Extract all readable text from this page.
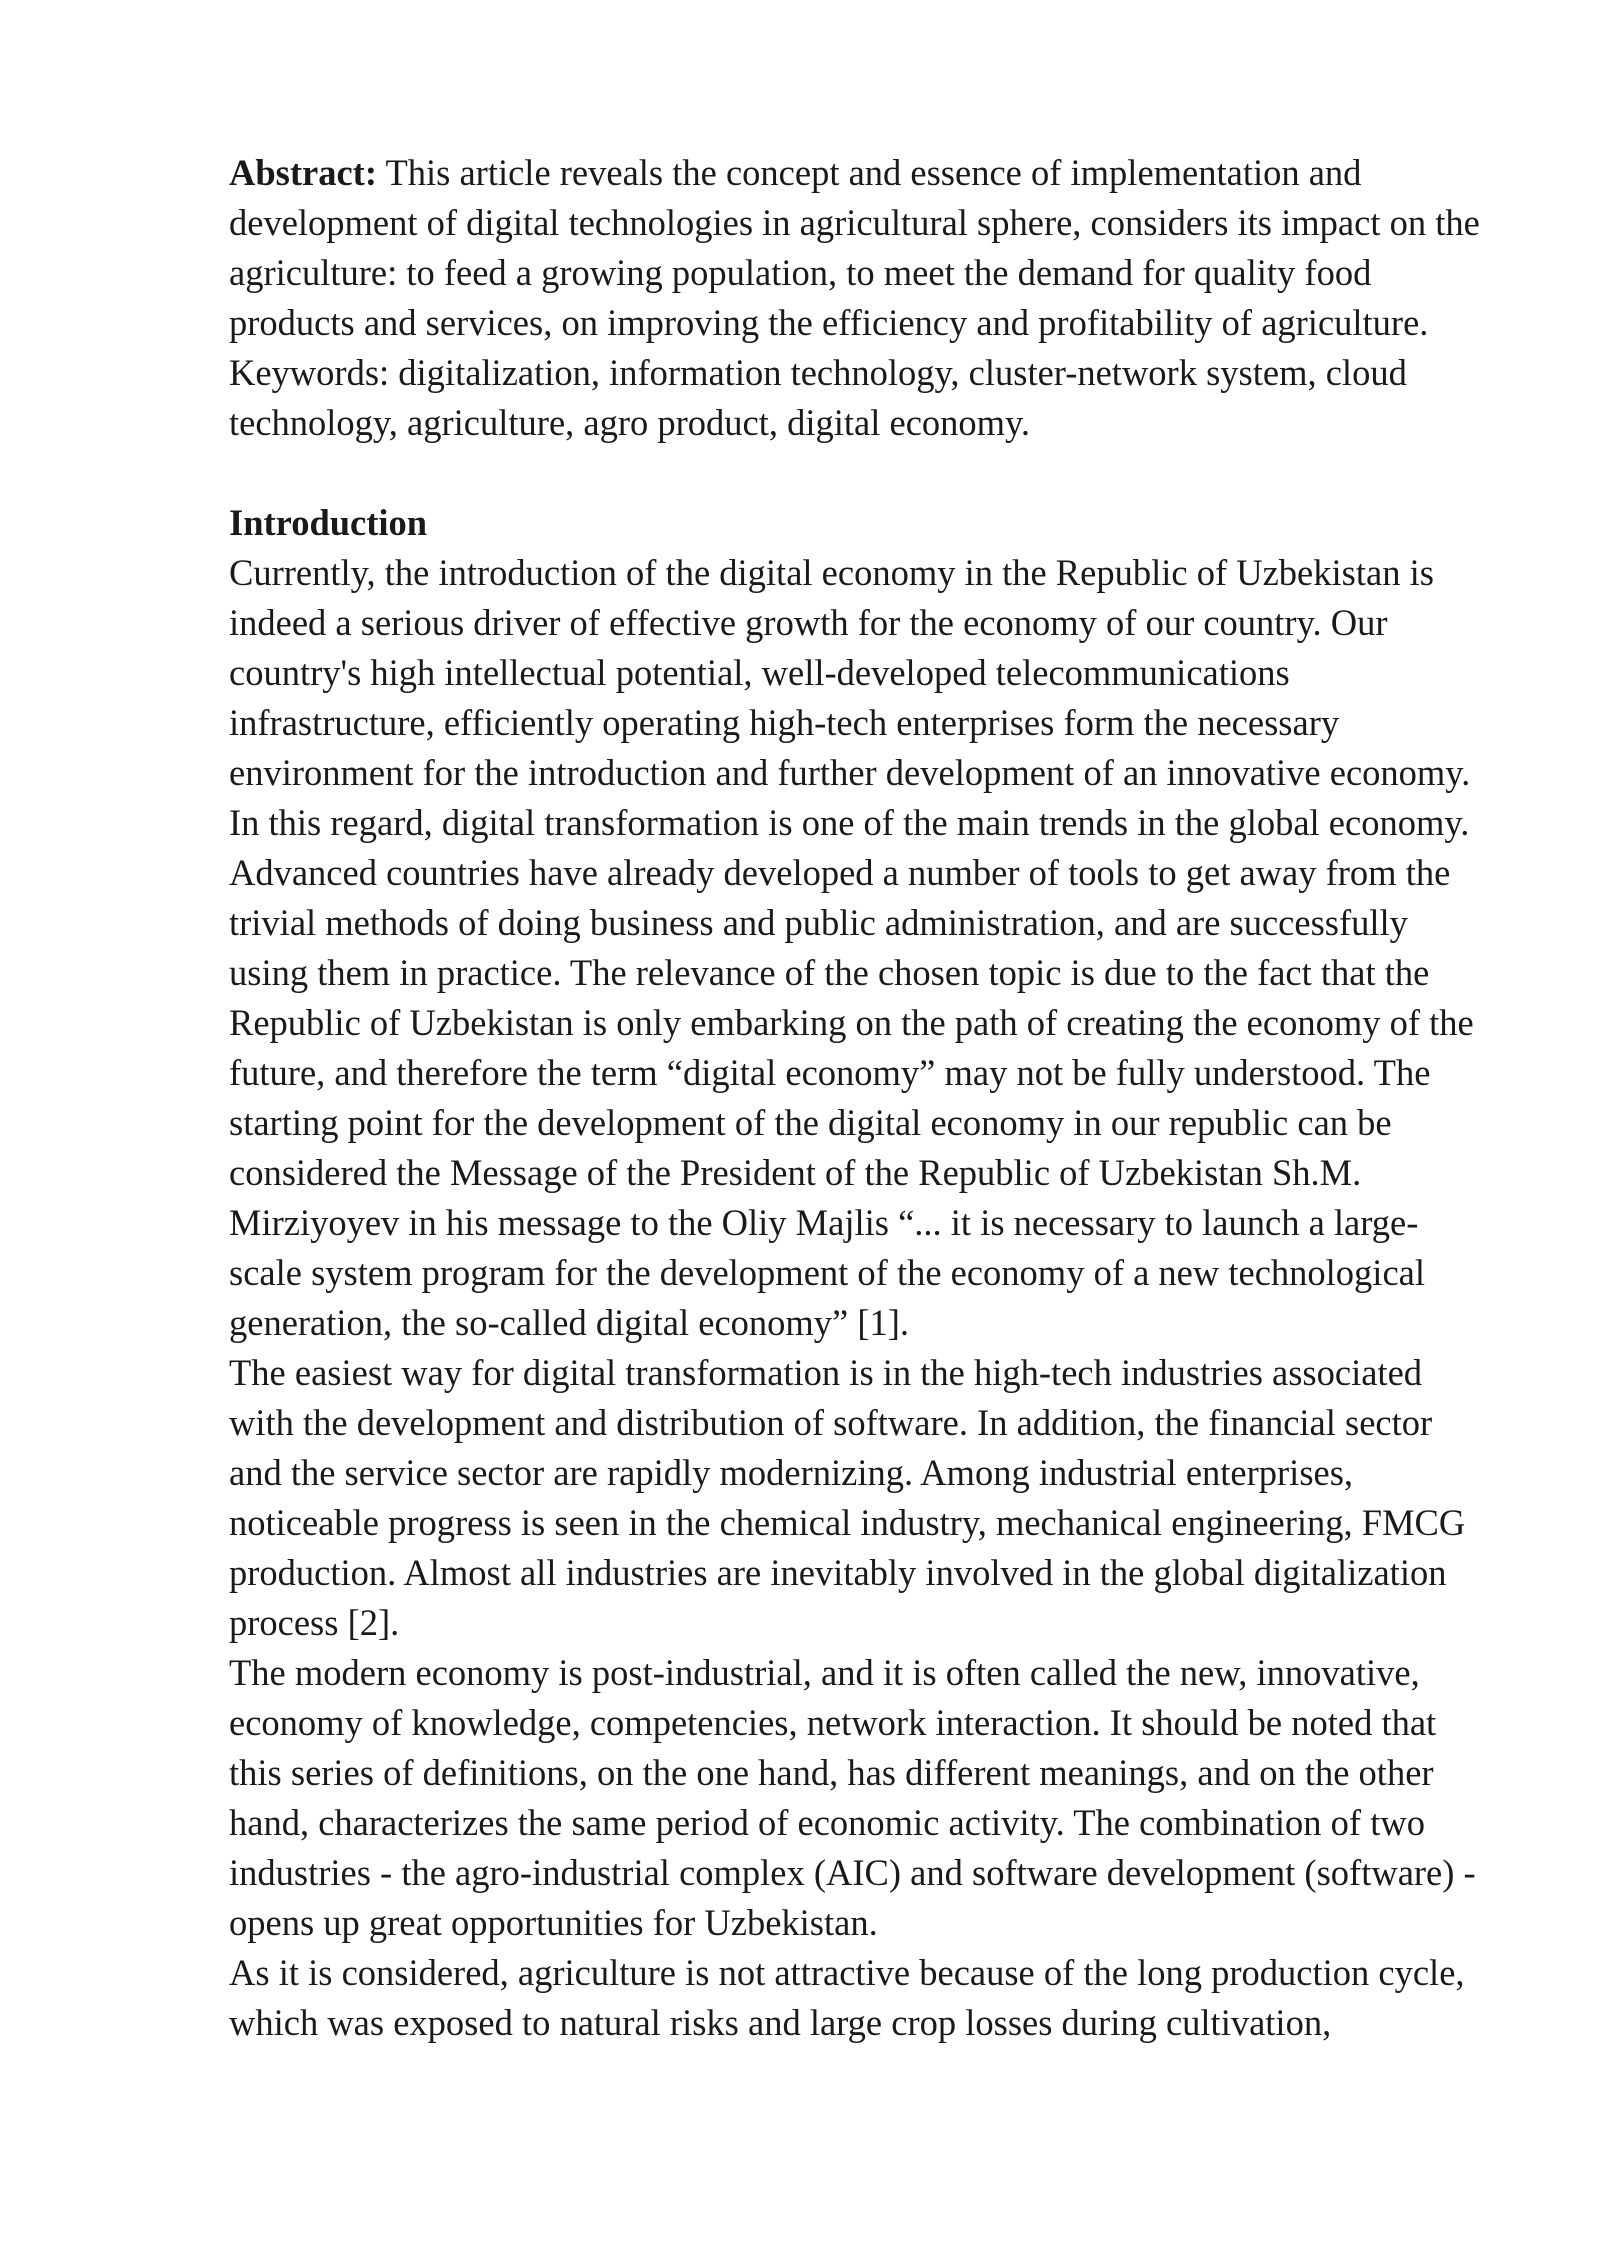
Abstract: This article reveals the concept and essence of implementation and development of digital technologies in agricultural sphere, considers its impact on the agriculture: to feed a growing population, to meet the demand for quality food products and services, on improving the efficiency and profitability of agriculture.

Keywords: digitalization, information technology, cluster-network system, cloud technology, agriculture, agro product, digital economy.

Introduction

Currently, the introduction of the digital economy in the Republic of Uzbekistan is indeed a serious driver of effective growth for the economy of our country. Our country's high intellectual potential, well-developed telecommunications infrastructure, efficiently operating high-tech enterprises form the necessary environment for the introduction and further development of an innovative economy.

In this regard, digital transformation is one of the main trends in the global economy. Advanced countries have already developed a number of tools to get away from the trivial methods of doing business and public administration, and are successfully using them in practice. The relevance of the chosen topic is due to the fact that the Republic of Uzbekistan is only embarking on the path of creating the economy of the future, and therefore the term “digital economy” may not be fully understood. The starting point for the development of the digital economy in our republic can be considered the Message of the President of the Republic of Uzbekistan Sh.M. Mirziyoyev in his message to the Oliy Majlis “... it is necessary to launch a large-scale system program for the development of the economy of a new technological generation, the so-called digital economy” [1].

The easiest way for digital transformation is in the high-tech industries associated with the development and distribution of software. In addition, the financial sector and the service sector are rapidly modernizing. Among industrial enterprises, noticeable progress is seen in the chemical industry, mechanical engineering, FMCG production. Almost all industries are inevitably involved in the global digitalization process [2].

The modern economy is post-industrial, and it is often called the new, innovative, economy of knowledge, competencies, network interaction. It should be noted that this series of definitions, on the one hand, has different meanings, and on the other hand, characterizes the same period of economic activity. The combination of two industries - the agro-industrial complex (AIC) and software development (software) - opens up great opportunities for Uzbekistan.

As it is considered, agriculture is not attractive because of the long production cycle, which was exposed to natural risks and large crop losses during cultivation,
